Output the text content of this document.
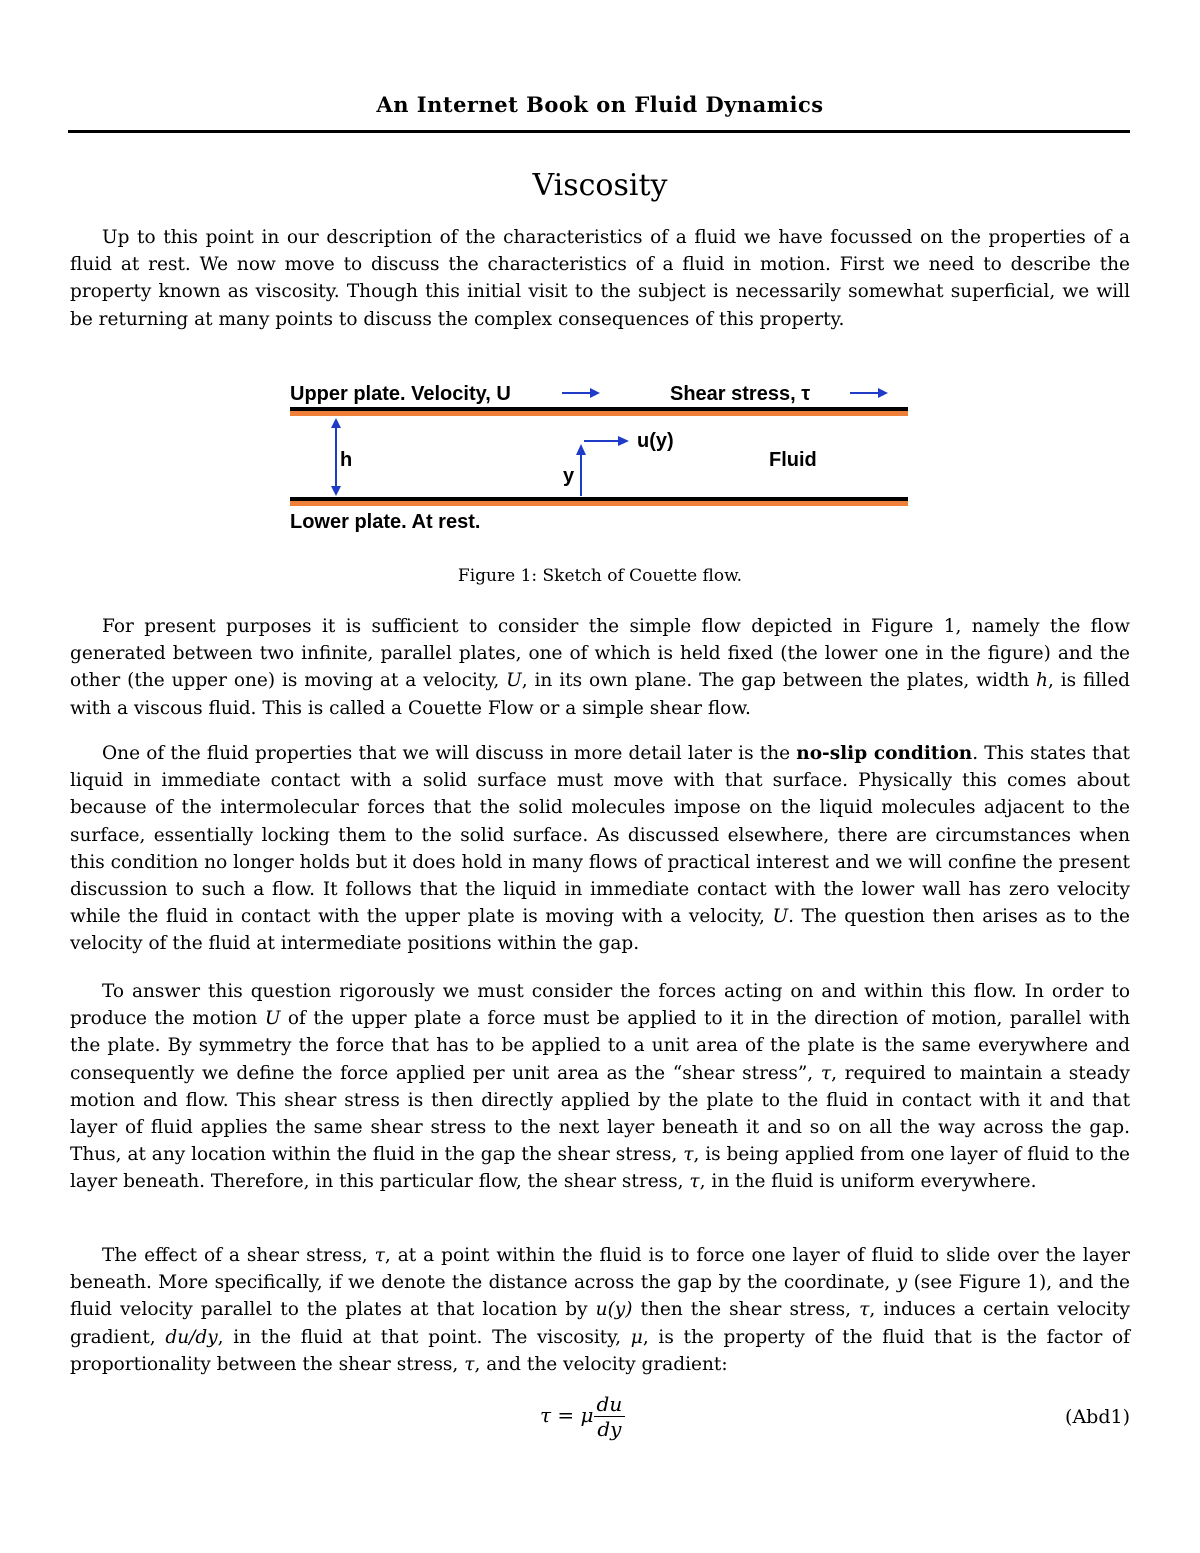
An Internet Book on Fluid Dynamics
Viscosity
Up to this point in our description of the characteristics of a fluid we have focussed on the properties of a fluid at rest. We now move to discuss the characteristics of a fluid in motion. First we need to describe the property known as viscosity. Though this initial visit to the subject is necessarily somewhat superficial, we will be returning at many points to discuss the complex consequences of this property.
Upper plate. Velocity, U	Shear stress, τ
h
u(y)
y
Fluid
Lower plate. At rest.
Figure 1: Sketch of Couette flow.
For present purposes it is sufficient to consider the simple flow depicted in Figure 1, namely the flow generated between two infinite, parallel plates, one of which is held fixed (the lower one in the figure) and the other (the upper one) is moving at a velocity, U, in its own plane. The gap between the plates, width h, is filled with a viscous fluid. This is called a Couette Flow or a simple shear flow.
One of the fluid properties that we will discuss in more detail later is the no-slip condition. This states that liquid in immediate contact with a solid surface must move with that surface. Physically this comes about because of the intermolecular forces that the solid molecules impose on the liquid molecules adjacent to the surface, essentially locking them to the solid surface. As discussed elsewhere, there are circumstances when this condition no longer holds but it does hold in many flows of practical interest and we will confine the present discussion to such a flow. It follows that the liquid in immediate contact with the lower wall has zero velocity while the fluid in contact with the upper plate is moving with a velocity, U. The question then arises as to the velocity of the fluid at intermediate positions within the gap.
To answer this question rigorously we must consider the forces acting on and within this flow. In order to produce the motion U of the upper plate a force must be applied to it in the direction of motion, parallel with the plate. By symmetry the force that has to be applied to a unit area of the plate is the same everywhere and consequently we define the force applied per unit area as the “shear stress”, τ, required to maintain a steady motion and flow. This shear stress is then directly applied by the plate to the fluid in contact with it and that layer of fluid applies the same shear stress to the next layer beneath it and so on all the way across the gap. Thus, at any location within the fluid in the gap the shear stress, τ, is being applied from one layer of fluid to the layer beneath. Therefore, in this particular flow, the shear stress, τ, in the fluid is uniform everywhere.
The effect of a shear stress, τ, at a point within the fluid is to force one layer of fluid to slide over the layer beneath. More specifically, if we denote the distance across the gap by the coordinate, y (see Figure 1), and the fluid velocity parallel to the plates at that location by u(y) then the shear stress, τ, induces a certain velocity gradient, du/dy, in the fluid at that point. The viscosity, μ, is the property of the fluid that is the factor of proportionality between the shear stress, τ, and the velocity gradient:
τ = μ $\frac{du}{dy}$	(Abd1)
